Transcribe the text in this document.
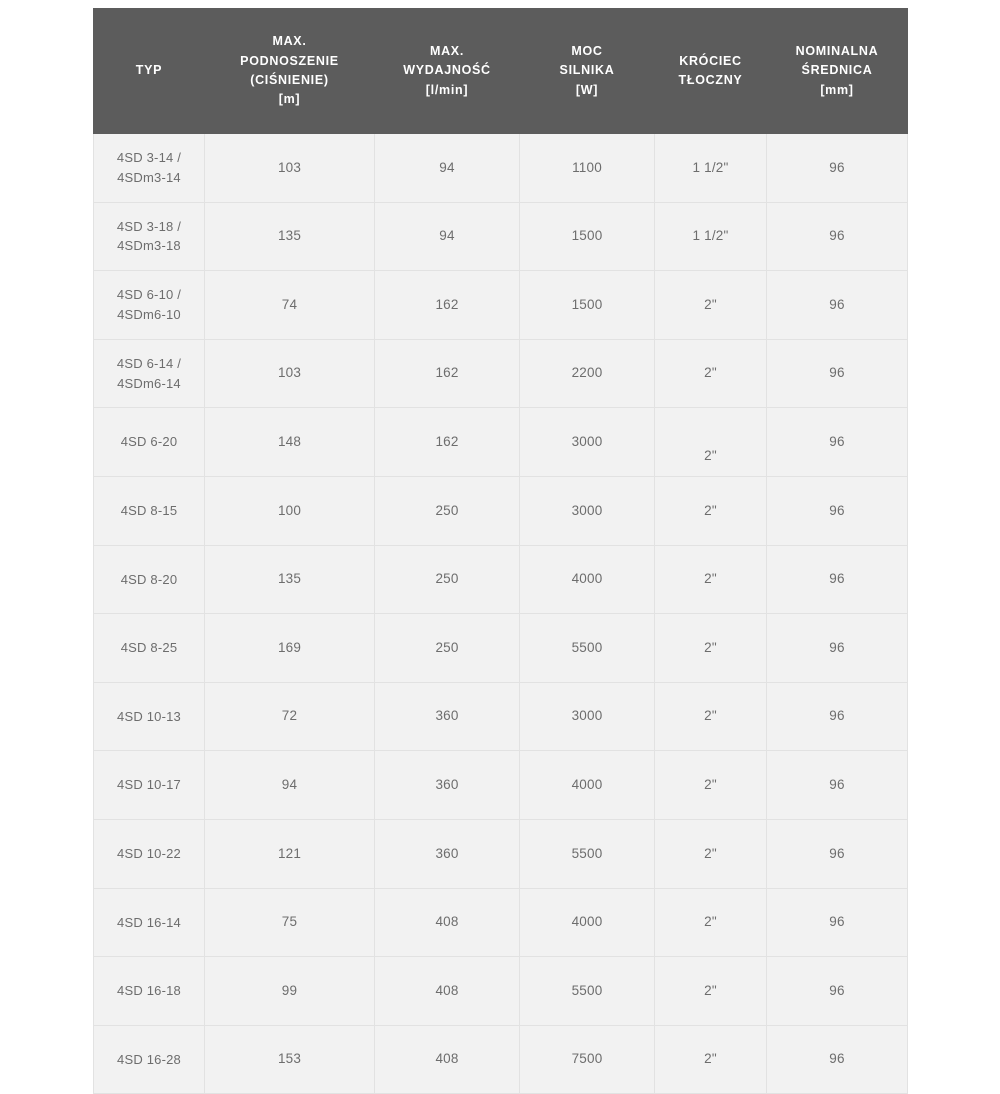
TYP	MAX.
PODNOSZENIE
(CIŚNIENIE)
[m]	MAX.
WYDAJNOŚĆ
[l/min]	MOC
SILNIKA
[W]	KRÓCIEC
TŁOCZNY	NOMINALNA
ŚREDNICA
[mm]

4SD 3-14 /
4SDm3-14	103	94	1100	1 1/2"	96

4SD 3-18 /
4SDm3-18	135	94	1500	1 1/2"	96

4SD 6-10 /
4SDm6-10	74	162	1500	2"	96

4SD 6-14 /
4SDm6-14	103	162	2200	2"	96

4SD 6-20	148	162	3000	2"	96

4SD 8-15	100	250	3000	2"	96

4SD 8-20	135	250	4000	2"	96

4SD 8-25	169	250	5500	2"	96

4SD 10-13	72	360	3000	2"	96

4SD 10-17	94	360	4000	2"	96

4SD 10-22	121	360	5500	2"	96

4SD 16-14	75	408	4000	2"	96

4SD 16-18	99	408	5500	2"	96

4SD 16-28	153	408	7500	2"	96
